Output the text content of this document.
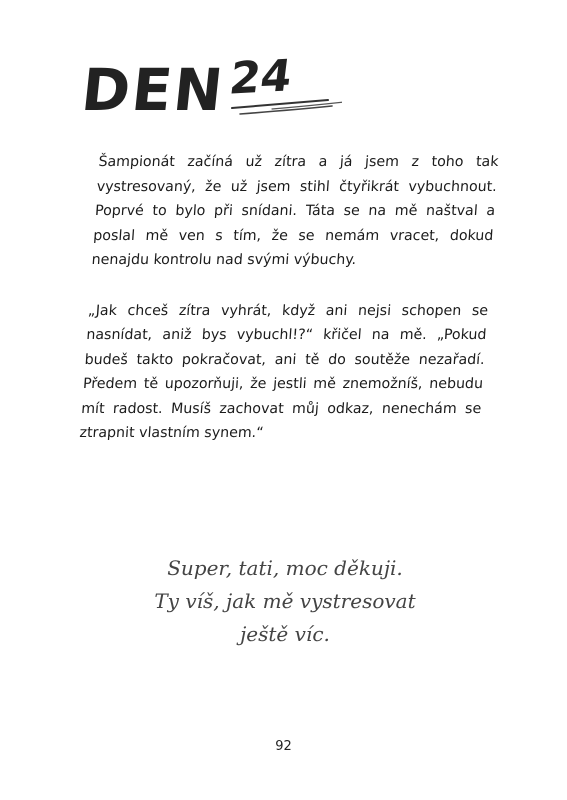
DEN
24

Šampionát začíná už zítra a já jsem z toho tak vystresovaný, že už jsem stihl čtyřikrát vybuchnout. Poprvé to bylo při snídani. Táta se na mě naštval a poslal mě ven s tím, že se nemám vracet, dokud nenajdu kontrolu nad svými výbuchy.

„Jak chceš zítra vyhrát, když ani nejsi schopen se nasnídat, aniž bys vybuchl!?“ křičel na mě. „Pokud budeš takto pokračovat, ani tě do soutěže nezařadí. Předem tě upozorňuji, že jestli mě znemožníš, nebudu mít radost. Musíš zachovat můj odkaz, nenechám se ztrapnit vlastním synem.“

Super, tati, moc děkuji.
Ty víš, jak mě vystresovat
ještě víc.
92
